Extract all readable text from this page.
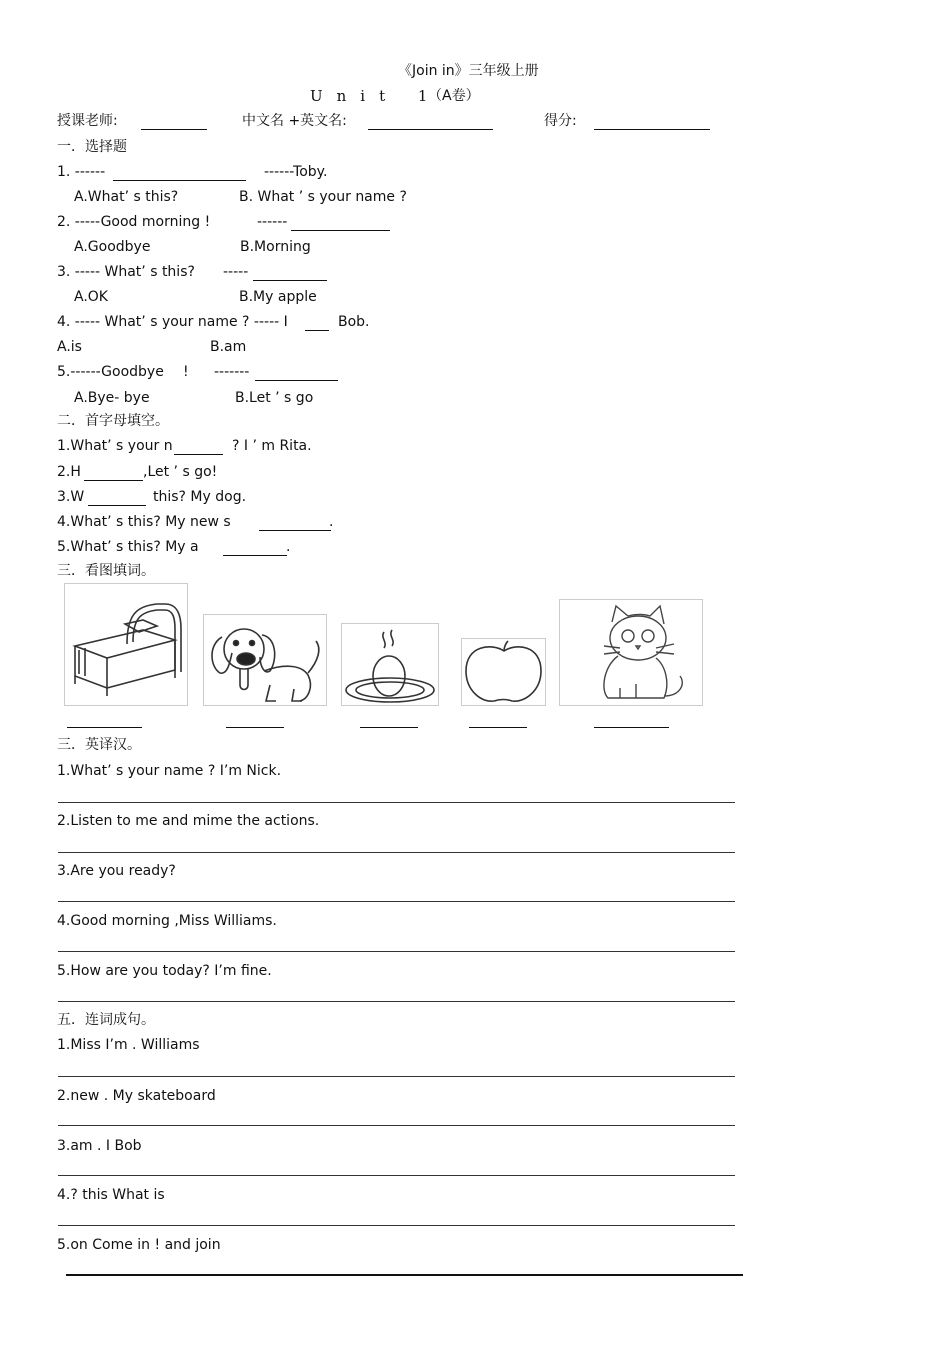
《Join in》三年级上册
Unit 1
（A卷）
授课老师:	中文名 +英文名:	得分:
一．选择题
1. ------	------Toby.
A.What’ s this?	B. What ’ s your name ?
2. -----Good morning !	------
A.Goodbye	B.Morning
3. ----- What’ s this? -----
A.OK	B.My apple
4. ----- What’ s your name ? ----- I	Bob.
A.is	B.am
5.------Goodbye ! -------
A.Bye- bye	B.Let ’ s go
二．首字母填空。
1.What’ s your n	? I ’ m Rita.
2.H	,Let ’ s go!
3.W	this? My dog.
4.What’ s this? My new s	.
5.What’ s this? My a	.
三．看图填词。
三．英译汉。
1.What’ s your name ? I’m Nick.
2.Listen to me and mime the actions.
3.Are you ready?
4.Good morning ,Miss Williams.
5.How are you today? I’m fine.
五．连词成句。
1.Miss I’m . Williams
2.new . My skateboard
3.am . I Bob
4.? this What is
5.on Come in ! and join
